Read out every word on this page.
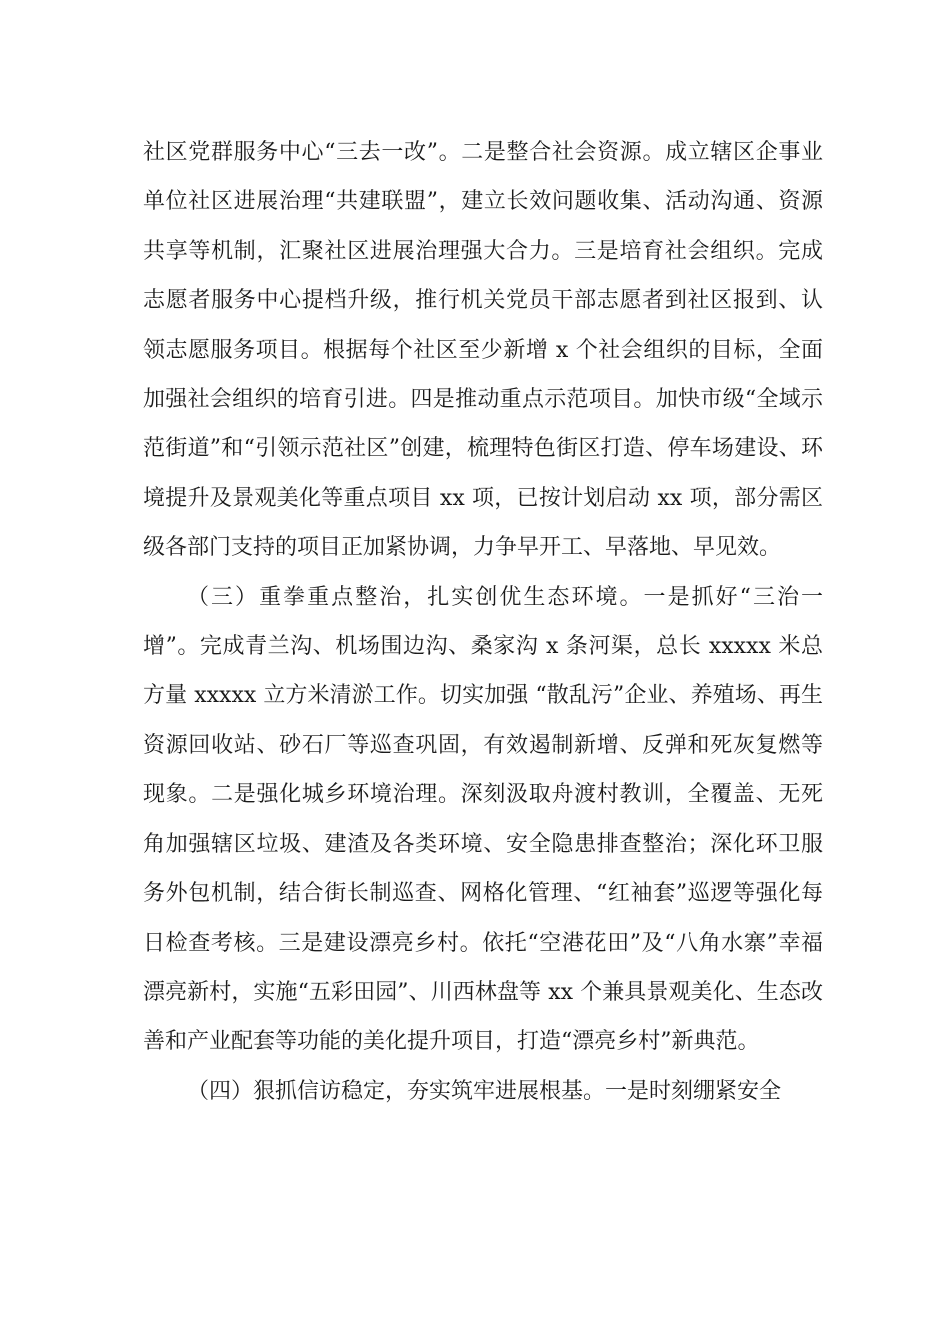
社区党群服务中心“三去一改”。二是整合社会资源。成立辖区企事业单位社区进展治理“共建联盟”，建立长效问题收集、活动沟通、资源共享等机制，汇聚社区进展治理强大合力。三是培育社会组织。完成志愿者服务中心提档升级，推行机关党员干部志愿者到社区报到、认领志愿服务项目。根据每个社区至少新增 x 个社会组织的目标，全面加强社会组织的培育引进。四是推动重点示范项目。加快市级“全域示范街道”和“引领示范社区”创建，梳理特色街区打造、停车场建设、环境提升及景观美化等重点项目 xx 项，已按计划启动 xx 项，部分需区级各部门支持的项目正加紧协调，力争早开工、早落地、早见效。

（三）重拳重点整治，扎实创优生态环境。一是抓好“三治一增”。完成青兰沟、机场围边沟、桑家沟 x 条河渠，总长 xxxxx 米总方量 xxxxx 立方米清淤工作。切实加强 “散乱污”企业、养殖场、再生资源回收站、砂石厂等巡查巩固，有效遏制新增、反弹和死灰复燃等现象。二是强化城乡环境治理。深刻汲取舟渡村教训，全覆盖、无死角加强辖区垃圾、建渣及各类环境、安全隐患排查整治；深化环卫服务外包机制，结合街长制巡查、网格化管理、“红袖套”巡逻等强化每日检查考核。三是建设漂亮乡村。依托“空港花田”及“八角水寨”幸福漂亮新村，实施“五彩田园”、川西林盘等 xx 个兼具景观美化、生态改善和产业配套等功能的美化提升项目，打造“漂亮乡村”新典范。

（四）狠抓信访稳定，夯实筑牢进展根基。一是时刻绷紧安全
